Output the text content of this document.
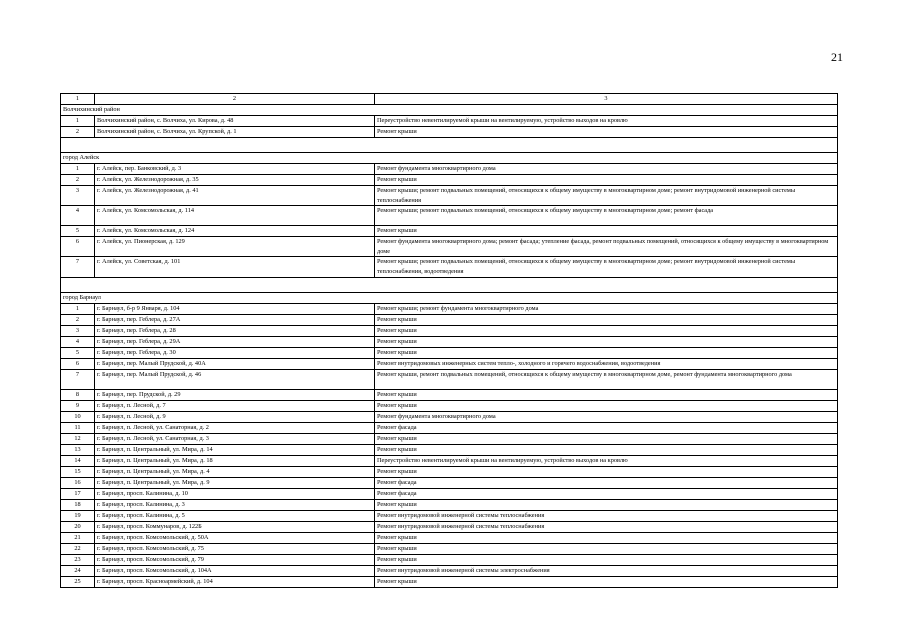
21
1	2	3
Волчихинский район		
1	Волчихинский район, с. Волчиха, ул. Кирова, д. 48	Переустройство невентилируемой крыши на вентилируемую, устройство выходов на кровлю
2	Волчихинский район, с. Волчиха, ул. Крупской, д. 1	Ремонт крыши

город Алейск		
1	г. Алейск, пер. Банковский, д. 3	Ремонт фундамента многоквартирного дома
2	г. Алейск, ул. Железнодорожная, д. 35	Ремонт крыши
3	г. Алейск, ул. Железнодорожная, д. 41	Ремонт крыши; ремонт подвальных помещений, относящихся к общему имуществу в многоквартирном доме; ремонт внутридомовой инженерной системы теплоснабжения
4	г. Алейск, ул. Комсомольская, д. 114	Ремонт крыши; ремонт подвальных помещений, относящихся к общему имуществу в многоквартирном доме; ремонт фасада
5	г. Алейск, ул. Комсомольская, д. 124	Ремонт крыши
6	г. Алейск, ул. Пионерская, д. 129	Ремонт фундамента многоквартирного дома; ремонт фасада; утепление фасада, ремонт подвальных помещений, относящихся к общему имуществу в многоквартирном доме
7	г. Алейск, ул. Советская, д. 101	Ремонт крыши; ремонт подвальных помещений, относящихся к общему имуществу в многоквартирном доме; ремонт внутридомовой инженерной системы теплоснабжения, водоотведения

город Барнаул		
1	г. Барнаул, б-р 9 Января, д. 104	Ремонт крыши; ремонт фундамента многоквартирного дома
2	г. Барнаул, пер. Геблера, д. 27А	Ремонт крыши
3	г. Барнаул, пер. Геблера, д. 28	Ремонт крыши
4	г. Барнаул, пер. Геблера, д. 29А	Ремонт крыши
5	г. Барнаул, пер. Геблера, д. 30	Ремонт крыши
6	г. Барнаул, пер. Малый Прудской, д. 40А	Ремонт внутридомовых инженерных систем тепло-, холодного и горячего водоснабжения, водоотведения
7	г. Барнаул, пер. Малый Прудской, д. 46	Ремонт крыши, ремонт подвальных помещений, относящихся к общему имуществу в многоквартирном доме, ремонт фундамента многоквартирного дома
8	г. Барнаул, пер. Прудской, д. 29	Ремонт крыши
9	г. Барнаул, п. Лесной, д. 7	Ремонт крыши
10	г. Барнаул, п. Лесной, д. 9	Ремонт фундамента многоквартирного дома
11	г. Барнаул, п. Лесной, ул. Санаторная, д. 2	Ремонт фасада
12	г. Барнаул, п. Лесной, ул. Санаторная, д. 3	Ремонт крыши
13	г. Барнаул, п. Центральный, ул. Мира, д. 14	Ремонт крыши
14	г. Барнаул, п. Центральный, ул. Мира, д. 18	Переустройство невентилируемой крыши на вентилируемую, устройство выходов на кровлю
15	г. Барнаул, п. Центральный, ул. Мира, д. 4	Ремонт крыши
16	г. Барнаул, п. Центральный, ул. Мира, д. 9	Ремонт фасада
17	г. Барнаул, просп. Калинина, д. 10	Ремонт фасада
18	г. Барнаул, просп. Калинина, д. 3	Ремонт крыши
19	г. Барнаул, просп. Калинина, д. 5	Ремонт внутридомовой инженерной системы теплоснабжения
20	г. Барнаул, просп. Коммунаров, д. 122Б	Ремонт внутридомовой инженерной системы теплоснабжения
21	г. Барнаул, просп. Комсомольский, д. 50А	Ремонт крыши
22	г. Барнаул, просп. Комсомольский, д. 75	Ремонт крыши
23	г. Барнаул, просп. Комсомольский, д. 79	Ремонт крыши
24	г. Барнаул, просп. Комсомольский, д. 104А	Ремонт внутридомовой инженерной системы электроснабжения
25	г. Барнаул, просп. Красноармейский, д. 104	Ремонт крыши
